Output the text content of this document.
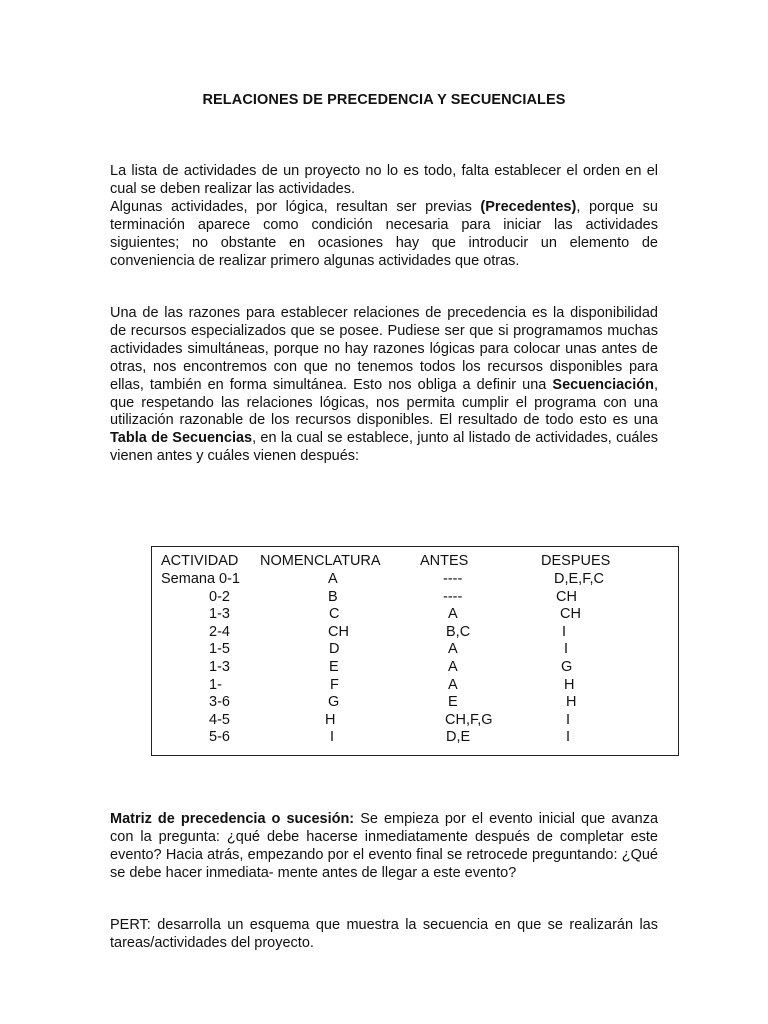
RELACIONES DE PRECEDENCIA Y SECUENCIALES

La lista de actividades de un proyecto no lo es todo, falta establecer el orden en el cual se deben realizar las actividades.
Algunas actividades, por lógica, resultan ser previas (Precedentes), porque su terminación aparece como condición necesaria para iniciar las actividades siguientes; no obstante en ocasiones hay que introducir un elemento de conveniencia de realizar primero algunas actividades que otras.

Una de las razones para establecer relaciones de precedencia es la disponibilidad de recursos especializados que se posee. Pudiese ser que si programamos muchas actividades simultáneas, porque no hay razones lógicas para colocar unas antes de otras, nos encontremos con que no tenemos todos los recursos disponibles para ellas, también en forma simultánea. Esto nos obliga a definir una Secuenciación, que respetando las relaciones lógicas, nos permita cumplir el programa con una utilización razonable de los recursos disponibles. El resultado de todo esto es una Tabla de Secuencias, en la cual se establece, junto al listado de actividades, cuáles vienen antes y cuáles vienen después:

ACTIVIDAD NOMENCLATURA	ANTES	DESPUES
Semana 0-1	A	----	D,E,F,C
0-2	B	----	CH
1-3	C	A	CH
2-4	CH	B,C	I
1-5	D	A	I
1-3	E	A	G
1-	F	A	H
3-6	G	E	H
4-5	H	CH,F,G	I
5-6	I	D,E	I

Matriz de precedencia o sucesión: Se empieza por el evento inicial que avanza con la pregunta: ¿qué debe hacerse inmediatamente después de completar este evento? Hacia atrás, empezando por el evento final se retrocede preguntando: ¿Qué se debe hacer inmediata- mente antes de llegar a este evento?

PERT: desarrolla un esquema que muestra la secuencia en que se realizarán las tareas/actividades del proyecto.
